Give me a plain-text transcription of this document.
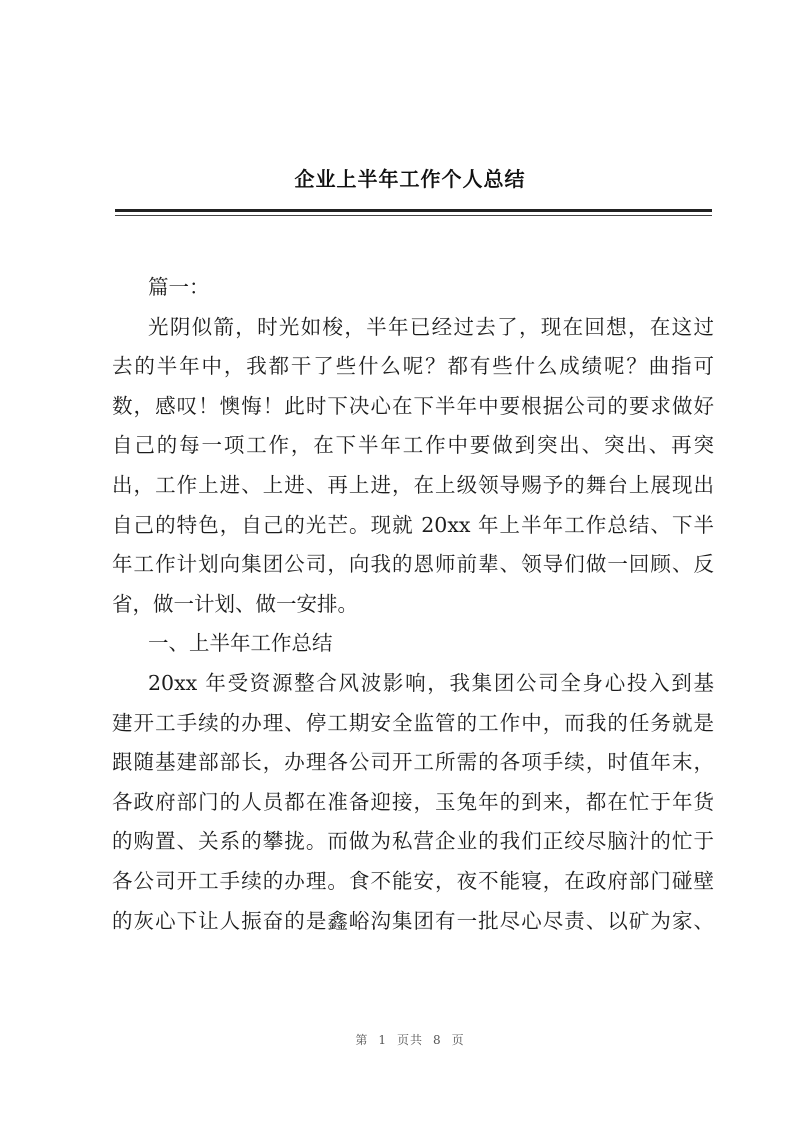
企业上半年工作个人总结
篇一：
光阴似箭，时光如梭，半年已经过去了，现在回想，在这过
去的半年中，我都干了些什么呢？都有些什么成绩呢？曲指可
数，感叹！懊悔！此时下决心在下半年中要根据公司的要求做好
自己的每一项工作，在下半年工作中要做到突出、突出、再突
出，工作上进、上进、再上进，在上级领导赐予的舞台上展现出
自己的特色，自己的光芒。现就 20xx 年上半年工作总结、下半
年工作计划向集团公司，向我的恩师前辈、领导们做一回顾、反
省，做一计划、做一安排。
一、上半年工作总结
20xx 年受资源整合风波影响，我集团公司全身心投入到基
建开工手续的办理、停工期安全监管的工作中，而我的任务就是
跟随基建部部长，办理各公司开工所需的各项手续，时值年末，
各政府部门的人员都在准备迎接，玉兔年的到来，都在忙于年货
的购置、关系的攀拢。而做为私营企业的我们正绞尽脑汁的忙于
各公司开工手续的办理。食不能安，夜不能寝，在政府部门碰壁
的灰心下让人振奋的是鑫峪沟集团有一批尽心尽责、以矿为家、
第 1 页共 8 页
